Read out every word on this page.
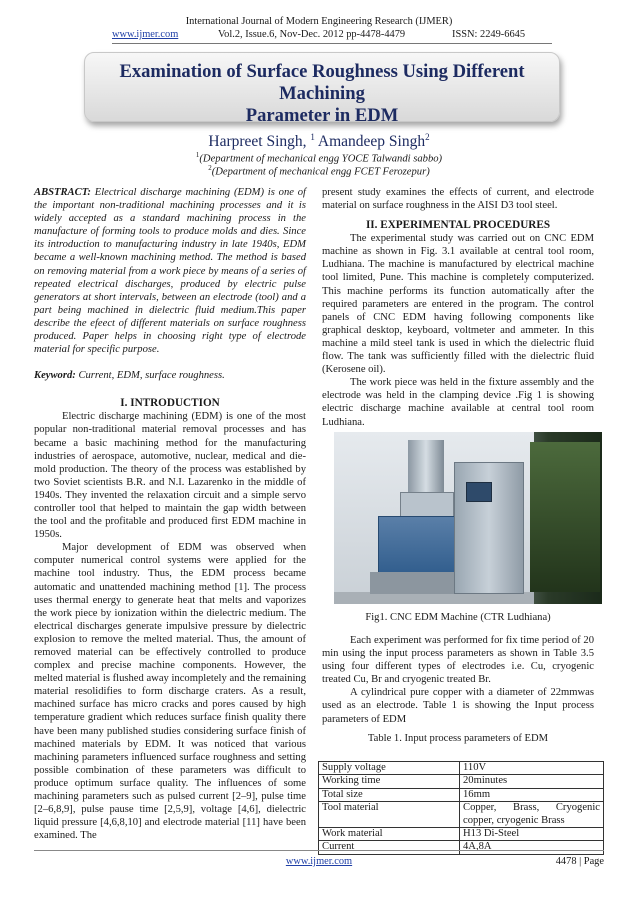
International Journal of Modern Engineering Research (IJMER)
www.ijmer.com	Vol.2, Issue.6, Nov-Dec. 2012 pp-4478-4479	ISSN: 2249-6645
Examination of Surface Roughness Using Different Machining
Parameter in EDM
Harpreet Singh, $^1$ Amandeep Singh$^2$
$^1$(Department of mechanical engg YOCE Talwandi sabbo)
$^2$(Department of mechanical engg FCET Ferozepur)

ABSTRACT: Electrical discharge machining (EDM) is one of the important non-traditional machining processes and it is widely accepted as a standard machining process in the manufacture of forming tools to produce molds and dies. Since its introduction to manufacturing industry in late 1940s, EDM became a well-known machining method. The method is based on removing material from a work piece by means of a series of repeated electrical discharges, produced by electric pulse generators at short intervals, between an electrode (tool) and a part being machined in dielectric fluid medium.This paper describe the efeect of different materials on surface roughness produced. Paper helps in choosing right type of electrode material for specific purpose.

Keyword: Current, EDM, surface roughness.

I. INTRODUCTION

Electric discharge machining (EDM) is one of the most popular non-traditional material removal processes and has became a basic machining method for the manufacturing industries of aerospace, automotive, nuclear, medical and die-mold production. The theory of the process was established by two Soviet scientists B.R. and N.I. Lazarenko in the middle of 1940s. They invented the relaxation circuit and a simple servo controller tool that helped to maintain the gap width between the tool and the profitable and produced first EDM machine in 1950s.

Major development of EDM was observed when computer numerical control systems were applied for the machine tool industry. Thus, the EDM process became automatic and unattended machining method [1]. The process uses thermal energy to generate heat that melts and vaporizes the work piece by ionization within the dielectric medium. The electrical discharges generate impulsive pressure by dielectric explosion to remove the melted material. Thus, the amount of removed material can be effectively controlled to produce complex and precise machine components. However, the melted material is flushed away incompletely and the remaining material resolidifies to form discharge craters. As a result, machined surface has micro cracks and pores caused by high temperature gradient which reduces surface finish quality there have been many published studies considering surface finish of machined materials by EDM. It was noticed that various machining parameters influenced surface roughness and setting possible combination of these parameters was difficult to produce optimum surface quality. The influences of some machining parameters such as pulsed current [2–9], pulse time [2–6,8,9], pulse pause time [2,5,9], voltage [4,6], dielectric liquid pressure [4,6,8,10] and electrode material [11] have been examined. The

present study examines the effects of current, and electrode material on surface roughness in the AISI D3 tool steel.

II. EXPERIMENTAL PROCEDURES

The experimental study was carried out on CNC EDM machine as shown in Fig. 3.1 available at central tool room, Ludhiana. The machine is manufactured by electrical machine tool limited, Pune. This machine is completely computerized. This machine performs its function automatically after the required parameters are entered in the program. The control panels of CNC EDM having following components like graphical desktop, keyboard, voltmeter and ammeter. In this machine a mild steel tank is used in which the dielectric fluid flow. The tank was sufficiently filled with the dielectric fluid (Kerosene oil).

The work piece was held in the fixture assembly and the electrode was held in the clamping device .Fig 1 is showing electric discharge machine available at central tool room Ludhiana.

Fig1. CNC EDM Machine (CTR Ludhiana)

Each experiment was performed for fix time period of 20 min using the input process parameters as shown in Table 3.5 using four different types of electrodes i.e. Cu, cryogenic treated Cu, Br and cryogenic treated Br.

A cylindrical pure copper with a diameter of 22mmwas used as an electrode. Table 1 is showing the Input process parameters of EDM

Table 1. Input process parameters of EDM

Supply voltage	110V
Working time	20minutes
Total size	16mm
Tool material	Copper, Brass, Cryogenic copper, cryogenic Brass
Work material	H13 Di-Steel
Current	4A,8A
www.ijmer.com	4478 | Page
